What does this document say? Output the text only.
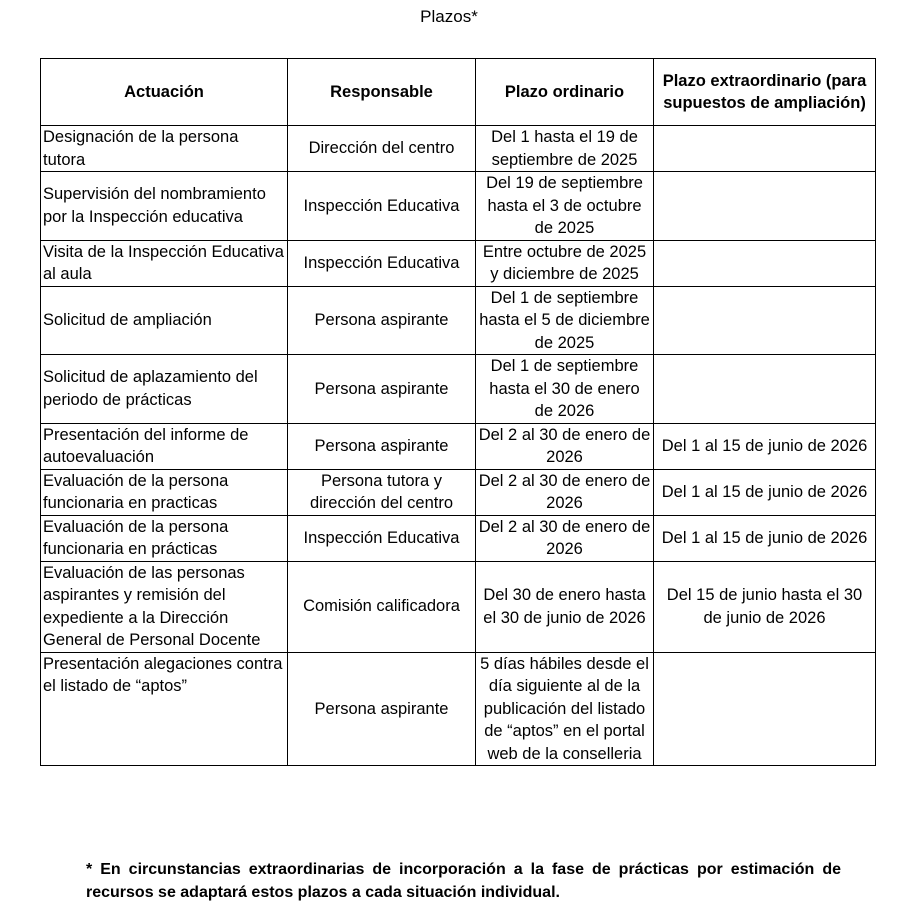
Plazos*
Actuación	Responsable	Plazo ordinario	Plazo extraordinario (para supuestos de ampliación)
Designación de la persona tutora	Dirección del centro	Del 1 hasta el 19 de septiembre de 2025	
Supervisión del nombramiento por la Inspección educativa	Inspección Educativa	Del 19 de septiembre hasta el 3 de octubre de 2025	
Visita de la Inspección Educativa al aula	Inspección Educativa	Entre octubre de 2025 y diciembre de 2025	
Solicitud de ampliación	Persona aspirante	Del 1 de septiembre hasta el 5 de diciembre de 2025	
Solicitud de aplazamiento del periodo de prácticas	Persona aspirante	Del 1 de septiembre hasta el 30 de enero de 2026	
Presentación del informe de autoevaluación	Persona aspirante	Del 2 al 30 de enero de 2026	Del 1 al 15 de junio de 2026
Evaluación de la persona funcionaria en practicas	Persona tutora y dirección del centro	Del 2 al 30 de enero de 2026	Del 1 al 15 de junio de 2026
Evaluación de la persona funcionaria en prácticas	Inspección Educativa	Del 2 al 30 de enero de 2026	Del 1 al 15 de junio de 2026
Evaluación de las personas aspirantes y remisión del expediente a la Dirección General de Personal Docente	Comisión calificadora	Del 30 de enero hasta el 30 de junio de 2026	Del 15 de junio hasta el 30 de junio de 2026
Presentación alegaciones contra el listado de “aptos”	Persona aspirante	5 días hábiles desde el día siguiente al de la publicación del listado de “aptos” en el portal web de la conselleria	
* En circunstancias extraordinarias de incorporación a la fase de prácticas por estimación de recursos se adaptará estos plazos a cada situación individual.
